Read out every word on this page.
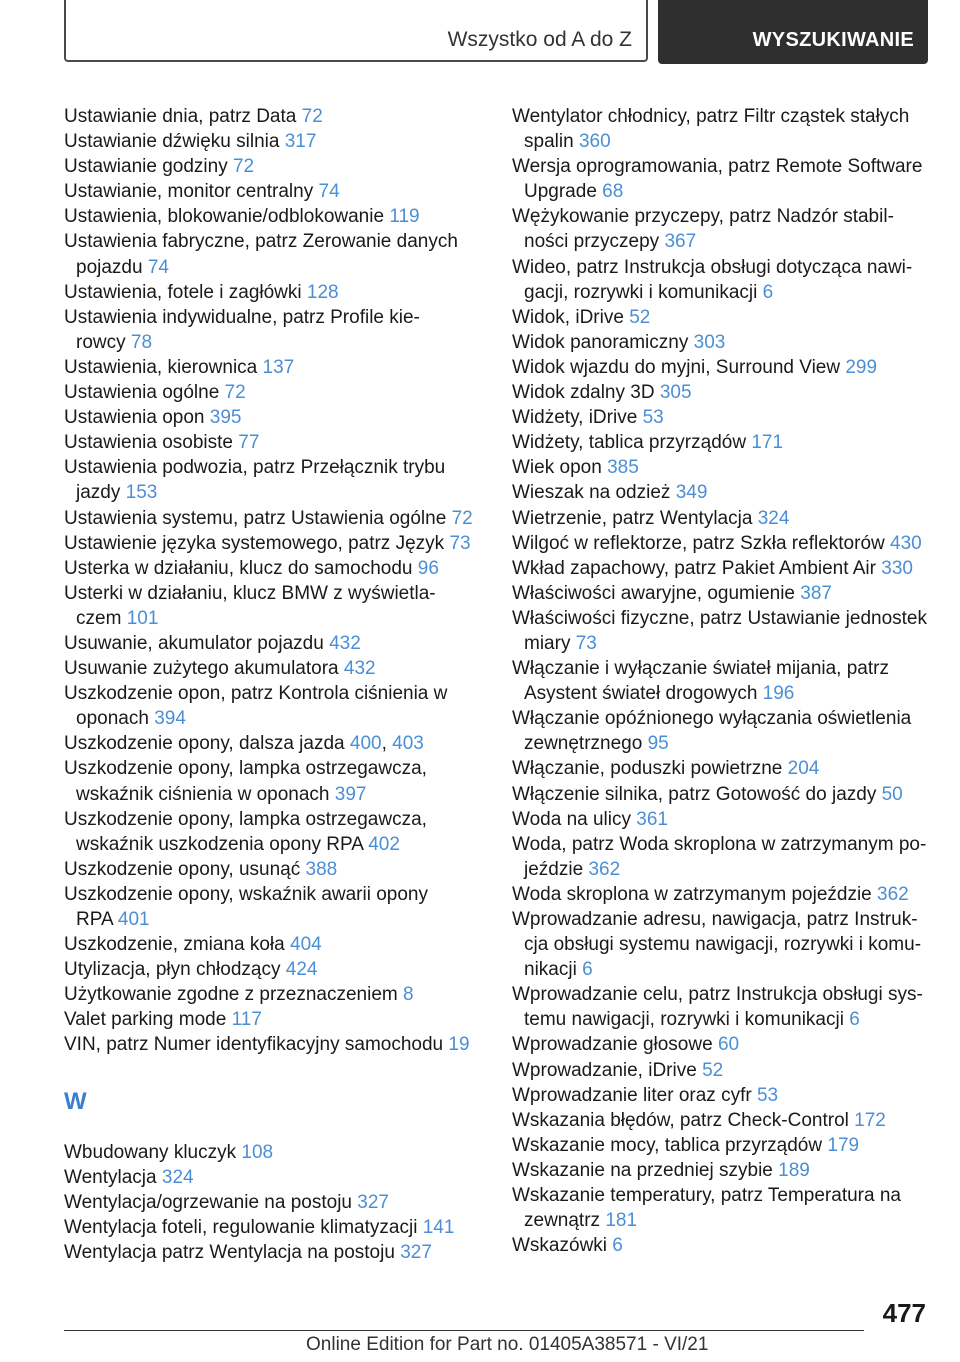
Wszystko od A do Z	WYSZUKIWANIE

Ustawianie dnia, patrz Data 72

Ustawianie dźwięku silnia 317

Ustawianie godziny 72

Ustawianie, monitor centralny 74

Ustawienia, blokowanie/odblokowanie 119

Ustawienia fabryczne, patrz Zerowanie danych

pojazdu 74

Ustawienia, fotele i zagłówki 128

Ustawienia indywidualne, patrz Profile kie‐

rowcy 78

Ustawienia, kierownica 137

Ustawienia ogólne 72

Ustawienia opon 395

Ustawienia osobiste 77

Ustawienia podwozia, patrz Przełącznik trybu

jazdy 153

Ustawienia systemu, patrz Ustawienia ogólne 72

Ustawienie języka systemowego, patrz Język 73

Usterka w działaniu, klucz do samochodu 96

Usterki w działaniu, klucz BMW z wyświetla‐

czem 101

Usuwanie, akumulator pojazdu 432

Usuwanie zużytego akumulatora 432

Uszkodzenie opon, patrz Kontrola ciśnienia w

oponach 394

Uszkodzenie opony, dalsza jazda 400, 403

Uszkodzenie opony, lampka ostrzegawcza,

wskaźnik ciśnienia w oponach 397

Uszkodzenie opony, lampka ostrzegawcza,

wskaźnik uszkodzenia opony RPA 402

Uszkodzenie opony, usunąć 388

Uszkodzenie opony, wskaźnik awarii opony

RPA 401

Uszkodzenie, zmiana koła 404

Utylizacja, płyn chłodzący 424

Użytkowanie zgodne z przeznaczeniem 8

Valet parking mode 117

VIN, patrz Numer identyfikacyjny samochodu 19

W

Wbudowany kluczyk 108

Wentylacja 324

Wentylacja/ogrzewanie na postoju 327

Wentylacja foteli, regulowanie klimatyzacji 141

Wentylacja patrz Wentylacja na postoju 327

Wentylator chłodnicy, patrz Filtr cząstek stałych

spalin 360

Wersja oprogramowania, patrz Remote Software

Upgrade 68

Wężykowanie przyczepy, patrz Nadzór stabil‐

ności przyczepy 367

Wideo, patrz Instrukcja obsługi dotycząca nawi‐

gacji, rozrywki i komunikacji 6

Widok, iDrive 52

Widok panoramiczny 303

Widok wjazdu do myjni, Surround View 299

Widok zdalny 3D 305

Widżety, iDrive 53

Widżety, tablica przyrządów 171

Wiek opon 385

Wieszak na odzież 349

Wietrzenie, patrz Wentylacja 324

Wilgoć w reflektorze, patrz Szkła reflektorów 430

Wkład zapachowy, patrz Pakiet Ambient Air 330

Właściwości awaryjne, ogumienie 387

Właściwości fizyczne, patrz Ustawianie jednostek

miary 73

Włączanie i wyłączanie świateł mijania, patrz

Asystent świateł drogowych 196

Włączanie opóźnionego wyłączania oświetlenia

zewnętrznego 95

Włączanie, poduszki powietrzne 204

Włączenie silnika, patrz Gotowość do jazdy 50

Woda na ulicy 361

Woda, patrz Woda skroplona w zatrzymanym po‐

jeździe 362

Woda skroplona w zatrzymanym pojeździe 362

Wprowadzanie adresu, nawigacja, patrz Instruk‐

cja obsługi systemu nawigacji, rozrywki i komu‐

nikacji 6

Wprowadzanie celu, patrz Instrukcja obsługi sys‐

temu nawigacji, rozrywki i komunikacji 6

Wprowadzanie głosowe 60

Wprowadzanie, iDrive 52

Wprowadzanie liter oraz cyfr 53

Wskazania błędów, patrz Check-Control 172

Wskazanie mocy, tablica przyrządów 179

Wskazanie na przedniej szybie 189

Wskazanie temperatury, patrz Temperatura na

zewnątrz 181

Wskazówki 6

477
Online Edition for Part no. 01405A38571 - VI/21
